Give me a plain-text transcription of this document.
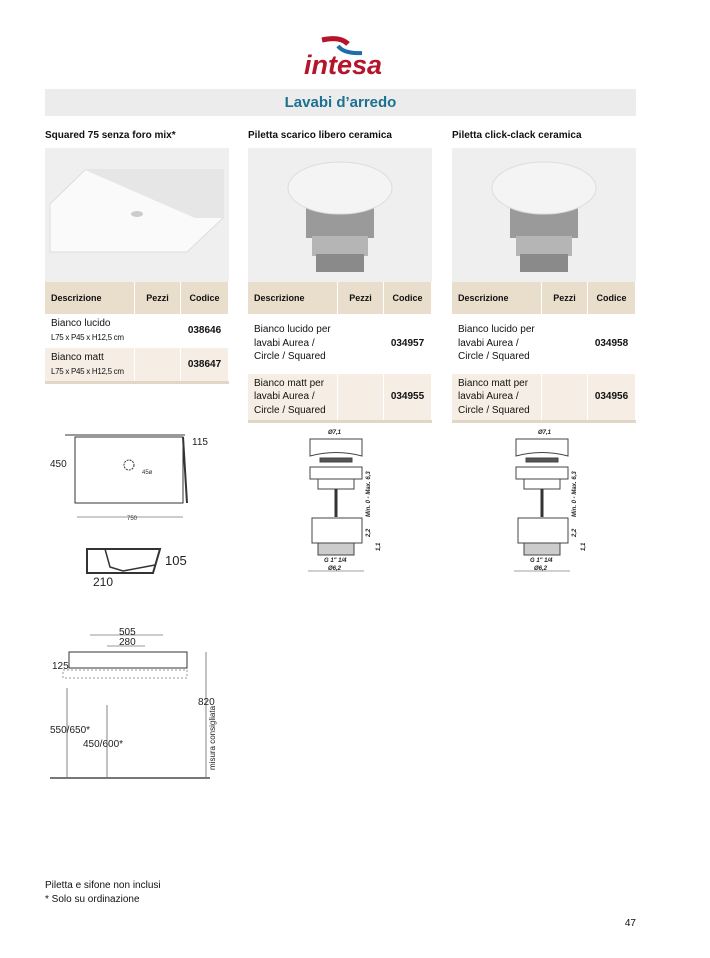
intesa
Lavabi d’arredo
Squared 75 senza foro mix*	Piletta scarico libero ceramica	Piletta click-clack ceramica
Descrizione	Pezzi	Codice

Bianco lucido
L75 x P45 x H12,5 cm		038646

Bianco matt
L75 x P45 x H12,5 cm		038647
Descrizione	Pezzi	Codice
Bianco lucido per lavabi Aurea / Circle / Squared		034957
Bianco matt per lavabi Aurea / Circle / Squared		034955
Descrizione	Pezzi	Codice
Bianco lucido per lavabi Aurea / Circle / Squared		034958
Bianco matt per lavabi Aurea / Circle / Squared		034956
45ø
115
450
750
105
210
505
280
125
820
misura consigliata
550/650*
450/600*
Ø7,1
Min. 0 - Max. 6,3
2,2
1,1
G 1" 1/4
Ø6,2
Ø7,1
Min. 0 - Max. 6,3
2,2
1,1
G 1" 1/4
Ø6,2
Piletta e sifone non inclusi
* Solo su ordinazione
47
